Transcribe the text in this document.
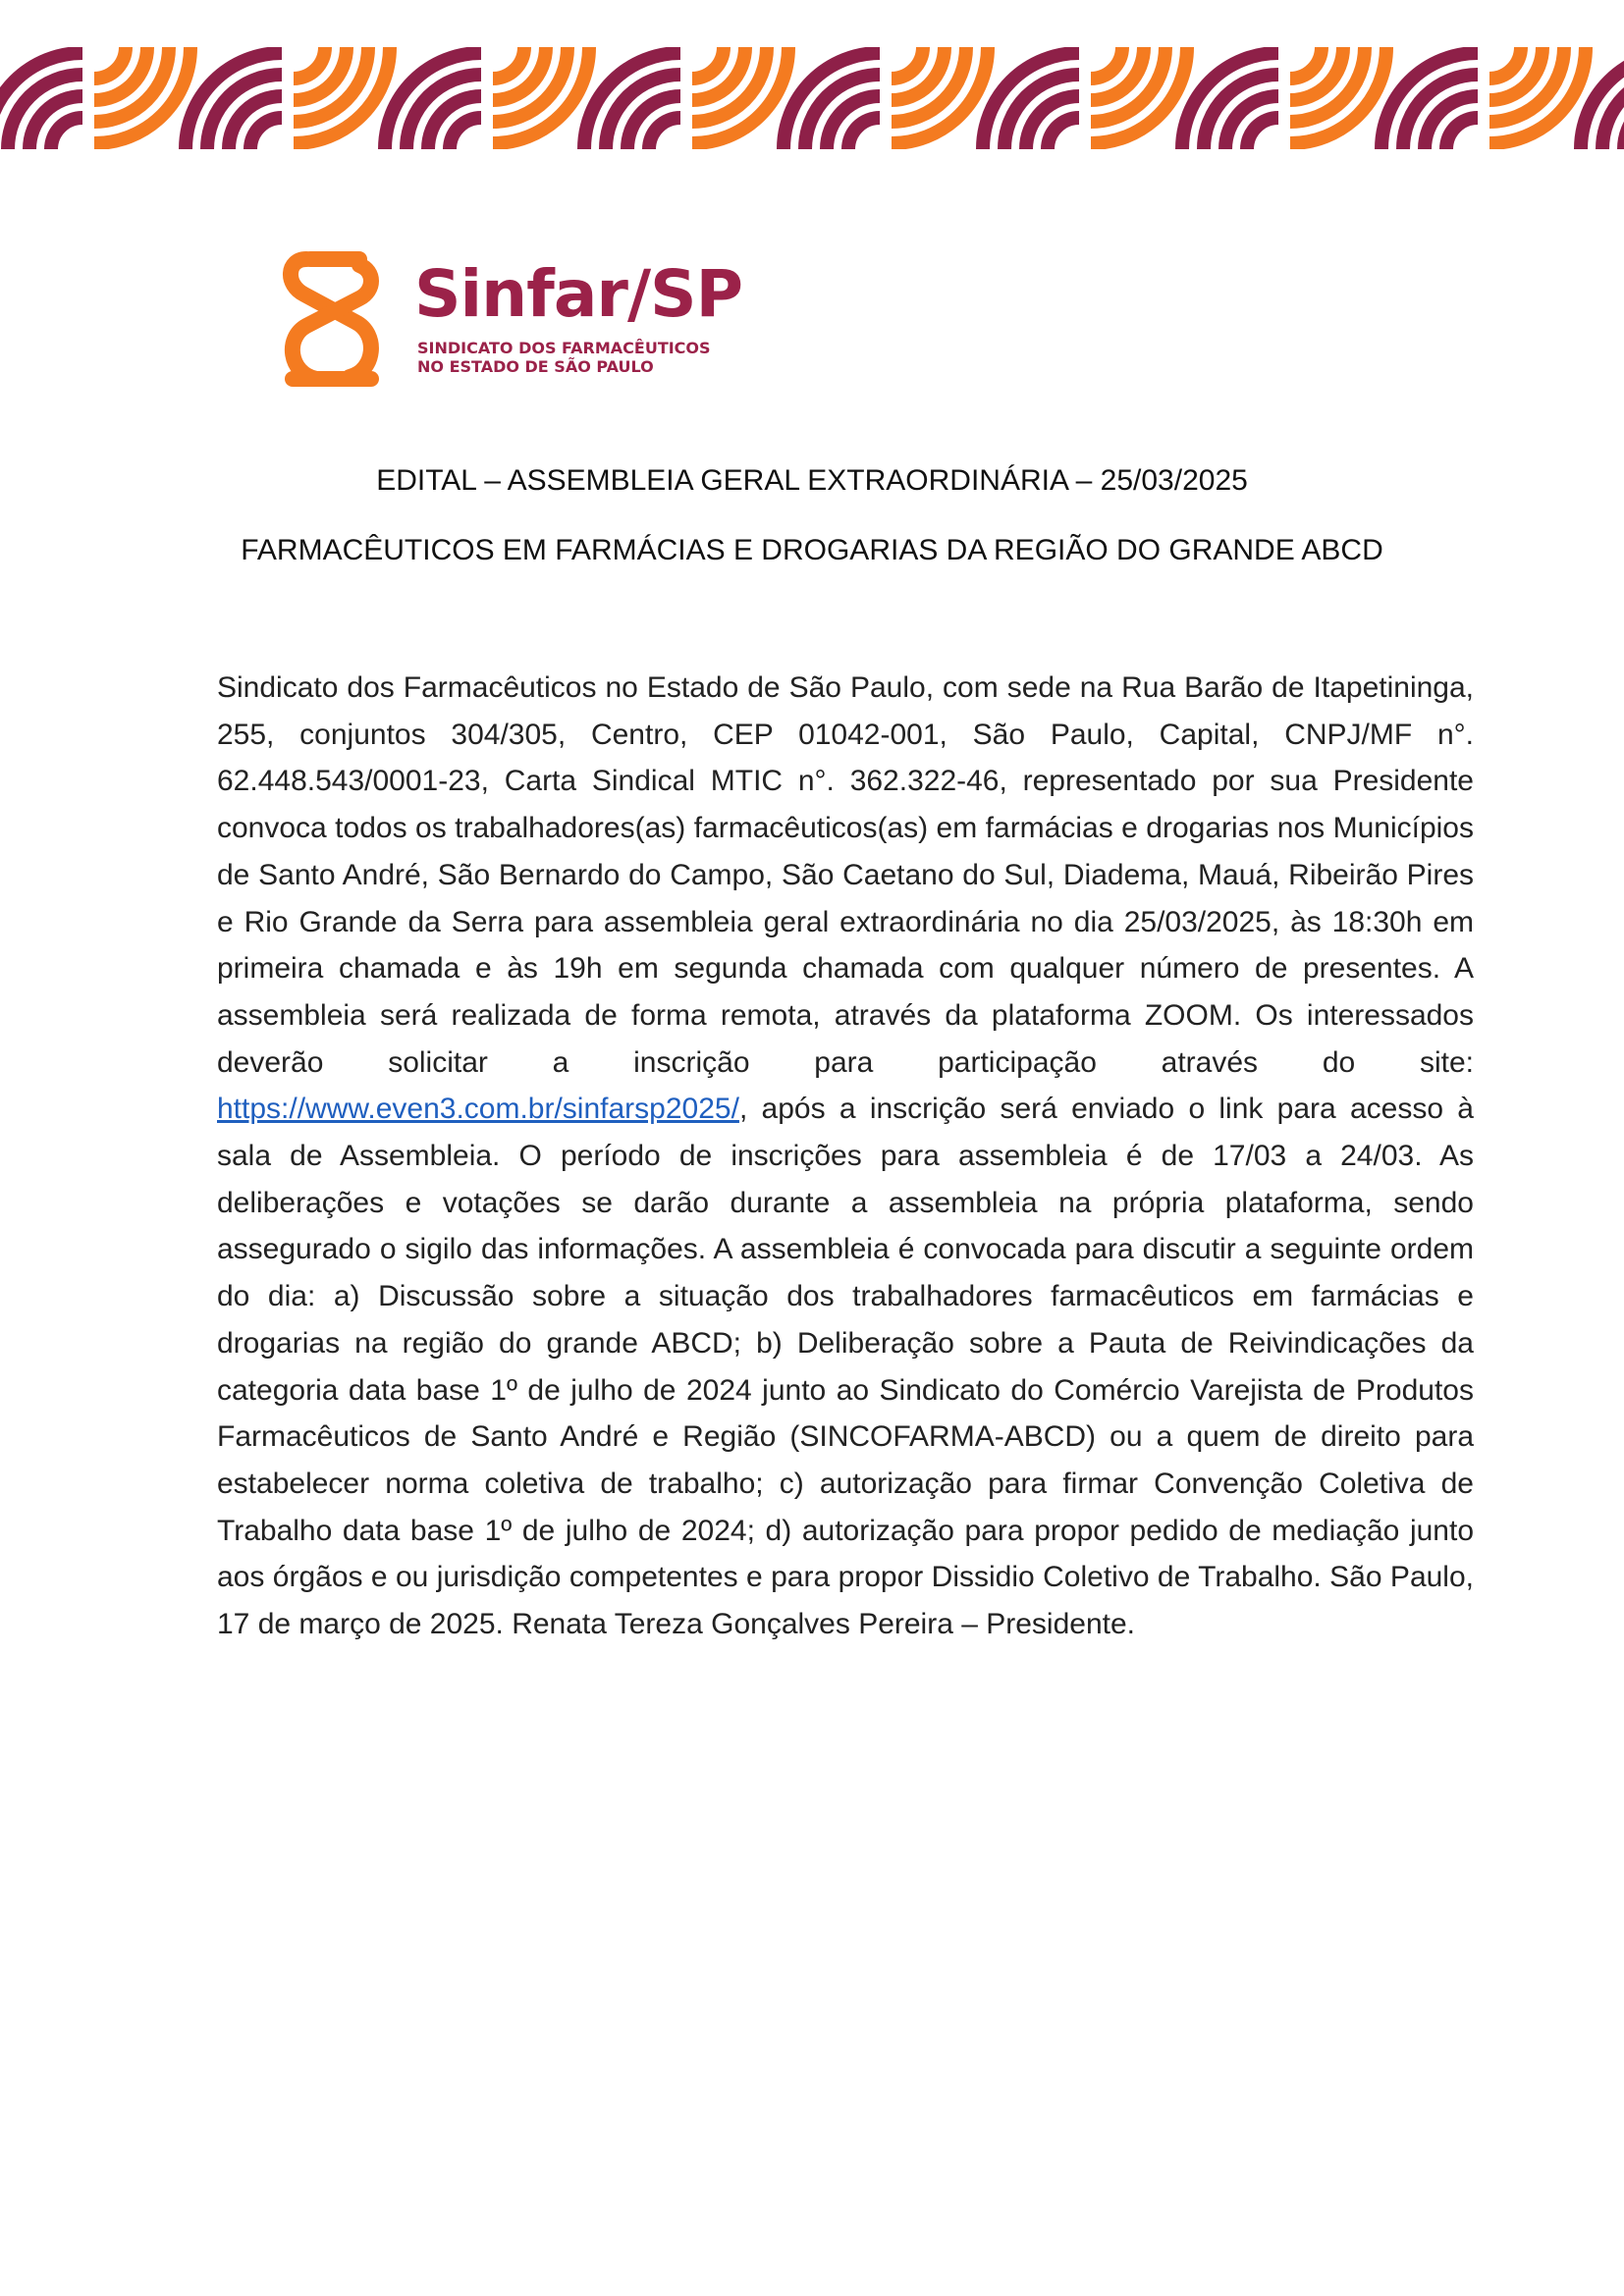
Sinfar/SP
SINDICATO DOS FARMACÊUTICOS
NO ESTADO DE SÃO PAULO
EDITAL – ASSEMBLEIA GERAL EXTRAORDINÁRIA – 25/03/2025
FARMACÊUTICOS EM FARMÁCIAS E DROGARIAS DA REGIÃO DO GRANDE ABCD

Sindicato dos Farmacêuticos no Estado de São Paulo, com sede na Rua Barão de Itapetininga, 255, conjuntos 304/305, Centro, CEP 01042-001, São Paulo, Capital, CNPJ/MF n°. 62.448.543/0001-23, Carta Sindical MTIC n°. 362.322-46, representado por sua Presidente convoca todos os trabalhadores(as) farmacêuticos(as) em farmácias e drogarias nos Municípios de Santo André, São Bernardo do Campo, São Caetano do Sul, Diadema, Mauá, Ribeirão Pires e Rio Grande da Serra para assembleia geral extraordinária no dia 25/03/2025, às 18:30h em primeira chamada e às 19h em segunda chamada com qualquer número de presentes. A assembleia será realizada de forma remota, através da plataforma ZOOM. Os interessados deverão solicitar a inscrição para participação através do site: https://www.even3.com.br/sinfarsp2025/, após a inscrição será enviado o link para acesso à sala de Assembleia. O período de inscrições para assembleia é de 17/03 a 24/03. As deliberações e votações se darão durante a assembleia na própria plataforma, sendo assegurado o sigilo das informações. A assembleia é convocada para discutir a seguinte ordem do dia: a) Discussão sobre a situação dos trabalhadores farmacêuticos em farmácias e drogarias na região do grande ABCD; b) Deliberação sobre a Pauta de Reivindicações da categoria data base 1º de julho de 2024 junto ao Sindicato do Comércio Varejista de Produtos Farmacêuticos de Santo André e Região (SINCOFARMA-ABCD) ou a quem de direito para estabelecer norma coletiva de trabalho; c) autorização para firmar Convenção Coletiva de Trabalho data base 1º de julho de 2024; d) autorização para propor pedido de mediação junto aos órgãos e ou jurisdição competentes e para propor Dissidio Coletivo de Trabalho. São Paulo, 17 de março de 2025. Renata Tereza Gonçalves Pereira – Presidente.
